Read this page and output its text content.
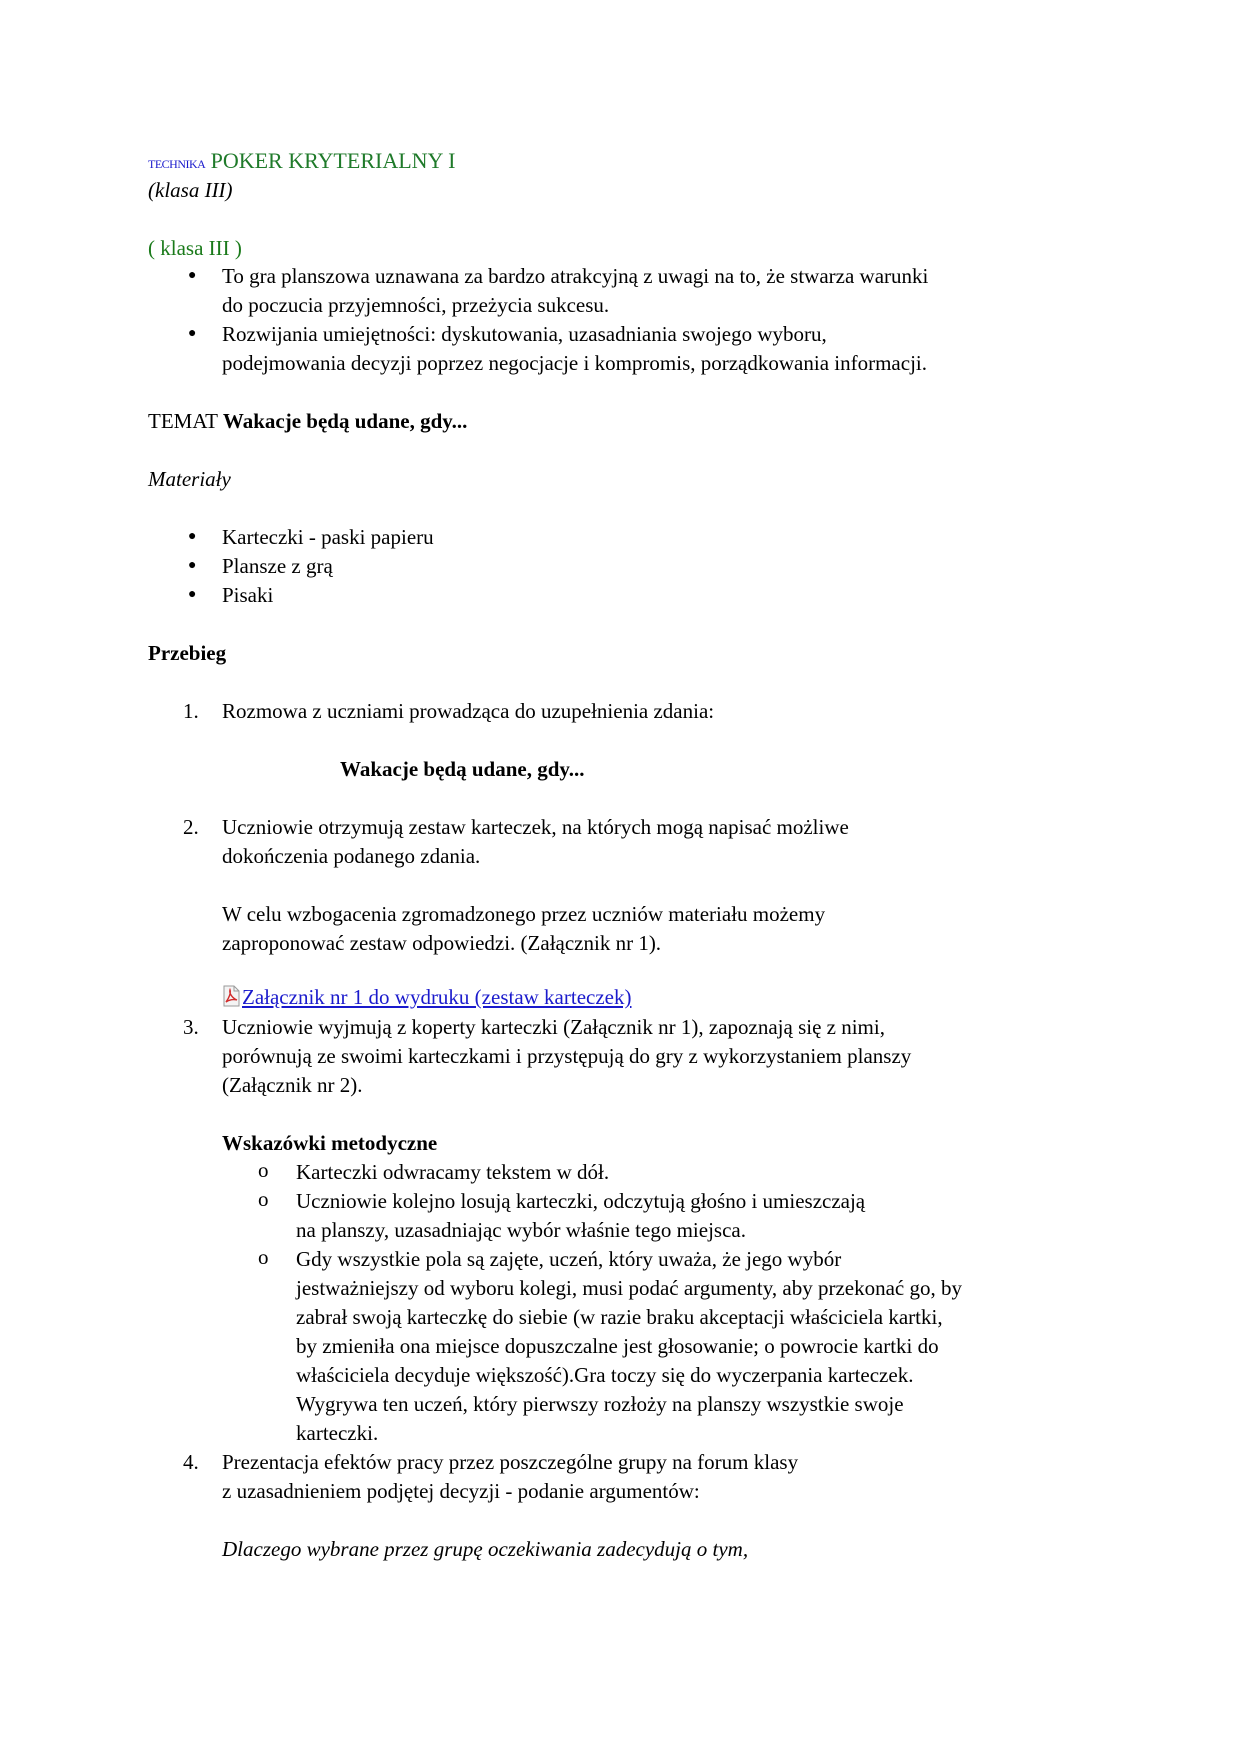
TECHNIKA POKER KRYTERIALNY I
(klasa III)
( klasa III )
● To gra planszowa uznawana za bardzo atrakcyjną z uwagi na to, że stwarza warunki
do poczucia przyjemności, przeżycia sukcesu.
● Rozwijania umiejętności: dyskutowania, uzasadniania swojego wyboru,
podejmowania decyzji poprzez negocjacje i kompromis, porządkowania informacji.
TEMAT Wakacje będą udane, gdy...
Materiały
● Karteczki - paski papieru
● Plansze z grą
● Pisaki
Przebieg
1. Rozmowa z uczniami prowadząca do uzupełnienia zdania:
Wakacje będą udane, gdy...
2. Uczniowie otrzymują zestaw karteczek, na których mogą napisać możliwe
dokończenia podanego zdania.
W celu wzbogacenia zgromadzonego przez uczniów materiału możemy
zaproponować zestaw odpowiedzi. (Załącznik nr 1).
Załącznik nr 1 do wydruku (zestaw karteczek)
3. Uczniowie wyjmują z koperty karteczki (Załącznik nr 1), zapoznają się z nimi,
porównują ze swoimi karteczkami i przystępują do gry z wykorzystaniem planszy
(Załącznik nr 2).
Wskazówki metodyczne
o Karteczki odwracamy tekstem w dół.
o Uczniowie kolejno losują karteczki, odczytują głośno i umieszczają
na planszy, uzasadniając wybór właśnie tego miejsca.
o Gdy wszystkie pola są zajęte, uczeń, który uważa, że jego wybór
jestważniejszy od wyboru kolegi, musi podać argumenty, aby przekonać go, by
zabrał swoją karteczkę do siebie (w razie braku akceptacji właściciela kartki,
by zmieniła ona miejsce dopuszczalne jest głosowanie; o powrocie kartki do
właściciela decyduje większość).Gra toczy się do wyczerpania karteczek.
Wygrywa ten uczeń, który pierwszy rozłoży na planszy wszystkie swoje
karteczki.
4. Prezentacja efektów pracy przez poszczególne grupy na forum klasy
z uzasadnieniem podjętej decyzji - podanie argumentów:
Dlaczego wybrane przez grupę oczekiwania zadecydują o tym,
